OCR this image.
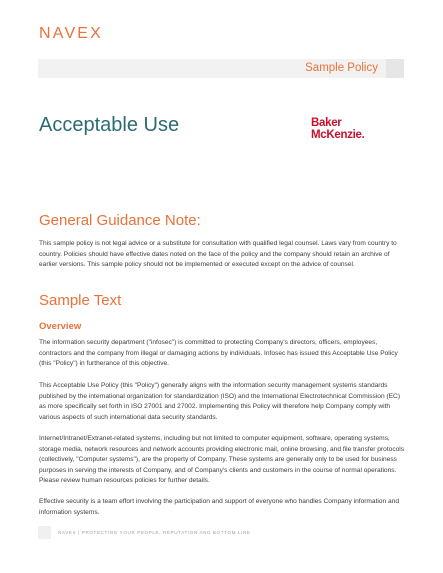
NAVEX
Sample Policy
Acceptable Use	Baker
McKenzie.
General Guidance Note:
This sample policy is not legal advice or a substitute for consultation with qualified legal counsel. Laws vary from country to country. Policies should have effective dates noted on the face of the policy and the company should retain an archive of earlier versions. This sample policy should not be implemented or executed except on the advice of counsel.
Sample Text
Overview
The information security department ("infosec") is committed to protecting Company's directors, officers, employees, contractors and the company from illegal or damaging actions by individuals. Infosec has issued this Acceptable Use Policy (this "Policy") in furtherance of this objective.
This Acceptable Use Policy (this "Policy") generally aligns with the information security management systems standards published by the international organization for standardization (ISO) and the International Electrotechnical Commission (EC) as more specifically set forth in ISO 27001 and 27002. Implementing this Policy will therefore help Company comply with various aspects of such international data security standards.
Internet/Intranet/Extranet-related systems, including but not limited to computer equipment, software, operating systems, storage media, network resources and network accounts providing electronic mail, online browsing, and file transfer protocols (collectively, "Computer systems"), are the property of Company. These systems are generally only to be used for business purposes in serving the interests of Company, and of Company's clients and customers in the course of normal operations. Please review human resources policies for further details.
Effective security is a team effort involving the participation and support of everyone who handles Company information and information systems.
NAVEX | PROTECTING YOUR PEOPLE, REPUTATION AND BOTTOM LINE
